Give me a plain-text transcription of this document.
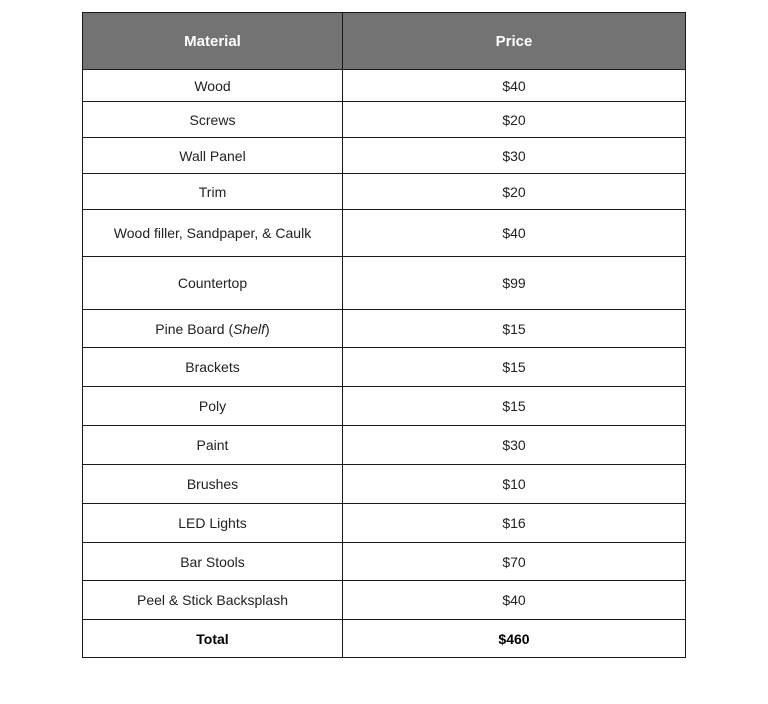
Material	Price
Wood	$40
Screws	$20
Wall Panel	$30
Trim	$20
Wood filler, Sandpaper, & Caulk	$40
Countertop	$99
Pine Board (Shelf)	$15
Brackets	$15
Poly	$15
Paint	$30
Brushes	$10
LED Lights	$16
Bar Stools	$70
Peel & Stick Backsplash	$40
Total	$460
